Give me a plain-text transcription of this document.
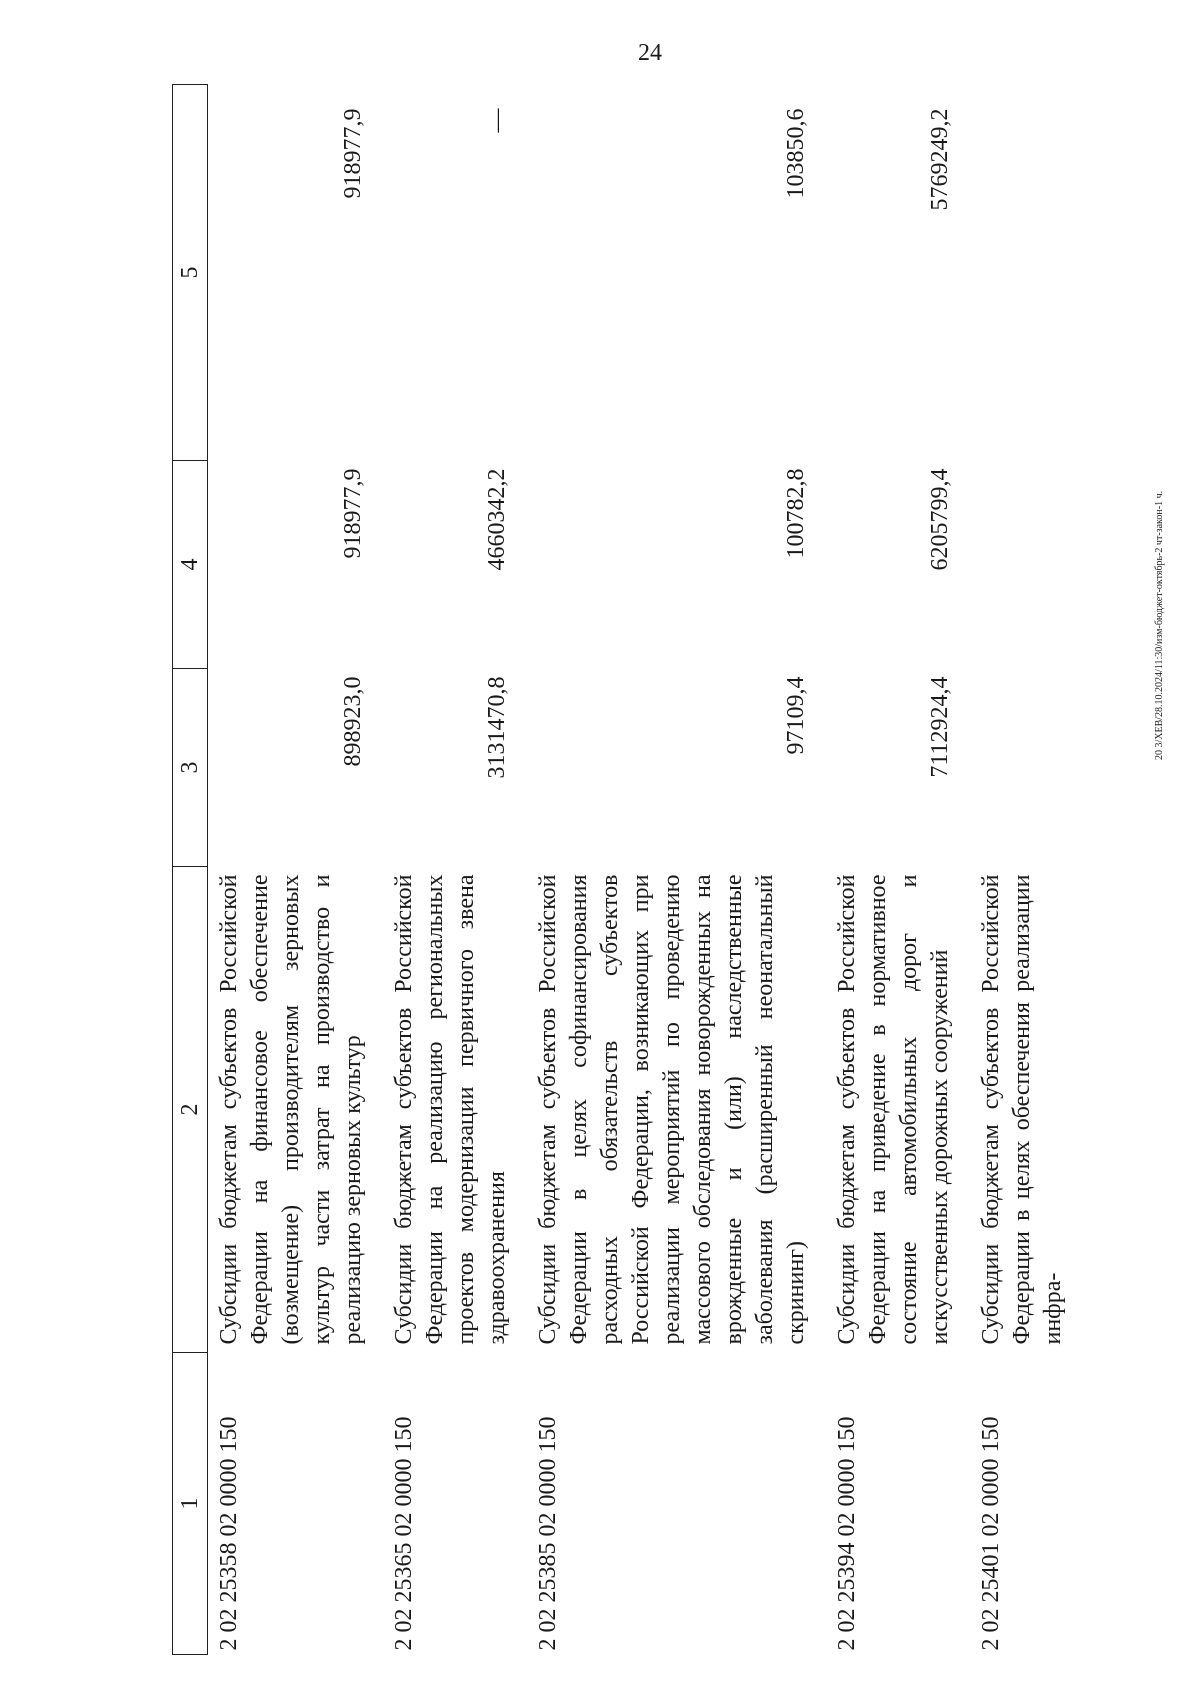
24
20 3/ХЕВ/28.10.2024/11:30/изм-бюджет-октябрь-2 чт-закон-1 ч.
1	2	3	4	5
2 02 25358 02 0000 150	Субсидии бюджетам субъектов Российской Федерации на финансовое обеспечение (возмещение) производителям зерновых культур части затрат на производство и реализацию зерновых культур	898923,0	918977,9	918977,9
2 02 25365 02 0000 150	Субсидии бюджетам субъектов Российской Федерации на реализацию региональных проектов модернизации первичного звена здравоохранения	3131470,8	4660342,2	—
2 02 25385 02 0000 150	Субсидии бюджетам субъектов Российской Федерации в целях софинансирования расходных обязательств субъектов Российской Федерации, возникающих при реализации мероприятий по проведению массового обследования новорожденных на врожденные и (или) наследственные заболевания (расширенный неонатальный скрининг)	97109,4	100782,8	103850,6
2 02 25394 02 0000 150	Субсидии бюджетам субъектов Российской Федерации на приведение в нормативное состояние автомобильных дорог и искусственных дорожных сооружений	7112924,4	6205799,4	5769249,2
2 02 25401 02 0000 150	Субсидии бюджетам субъектов Российской Федерации в целях обеспечения реализации инфра-			
